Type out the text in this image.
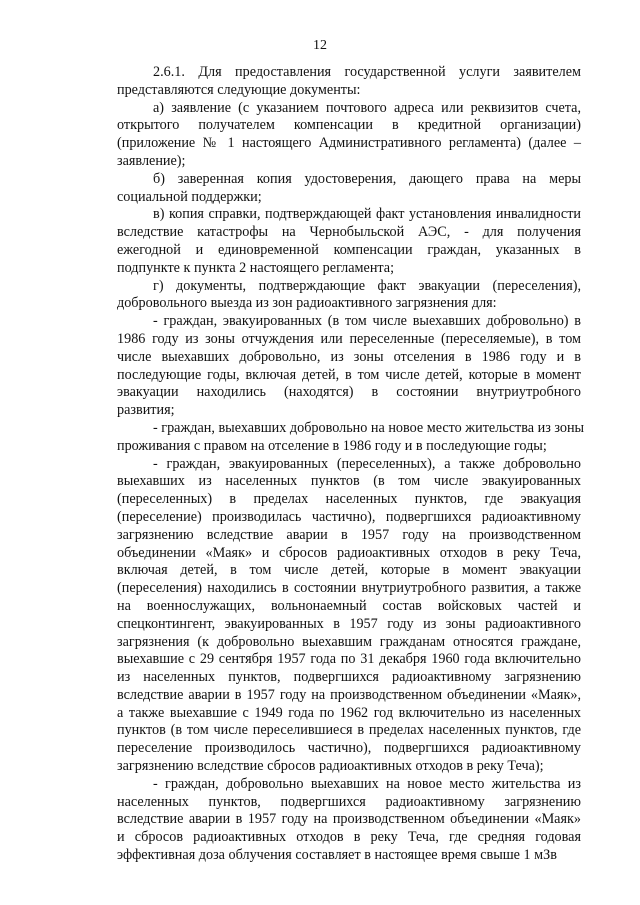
12
2.6.1. Для предоставления государственной услуги заявителем
представляются следующие документы:
а) заявление (с указанием почтового адреса или реквизитов счета,
открытого получателем компенсации в кредитной организации)
(приложение № 1 настоящего Административного регламента) (далее –
заявление);
б) заверенная копия удостоверения, дающего права на меры
социальной поддержки;
в) копия справки, подтверждающей факт установления инвалидности
вследствие катастрофы на Чернобыльской АЭС, - для получения
ежегодной и единовременной компенсации граждан, указанных в
подпункте к пункта 2 настоящего регламента;
г) документы, подтверждающие факт эвакуации (переселения),
добровольного выезда из зон радиоактивного загрязнения для:
- граждан, эвакуированных (в том числе выехавших добровольно) в
1986 году из зоны отчуждения или переселенные (переселяемые), в том
числе выехавших добровольно, из зоны отселения в 1986 году и в
последующие годы, включая детей, в том числе детей, которые в момент
эвакуации находились (находятся) в состоянии внутриутробного
развития;
- граждан, выехавших добровольно на новое место жительства из зоны
проживания с правом на отселение в 1986 году и в последующие годы;
- граждан, эвакуированных (переселенных), а также добровольно
выехавших из населенных пунктов (в том числе эвакуированных
(переселенных) в пределах населенных пунктов, где эвакуация
(переселение) производилась частично), подвергшихся радиоактивному
загрязнению вследствие аварии в 1957 году на производственном
объединении «Маяк» и сбросов радиоактивных отходов в реку Теча,
включая детей, в том числе детей, которые в момент эвакуации
(переселения) находились в состоянии внутриутробного развития, а также
на военнослужащих, вольнонаемный состав войсковых частей и
спецконтингент, эвакуированных в 1957 году из зоны радиоактивного
загрязнения (к добровольно выехавшим гражданам относятся граждане,
выехавшие с 29 сентября 1957 года по 31 декабря 1960 года включительно
из населенных пунктов, подвергшихся радиоактивному загрязнению
вследствие аварии в 1957 году на производственном объединении «Маяк»,
а также выехавшие с 1949 года по 1962 год включительно из населенных
пунктов (в том числе переселившиеся в пределах населенных пунктов, где
переселение производилось частично), подвергшихся радиоактивному
загрязнению вследствие сбросов радиоактивных отходов в реку Теча);
- граждан, добровольно выехавших на новое место жительства из
населенных пунктов, подвергшихся радиоактивному загрязнению
вследствие аварии в 1957 году на производственном объединении «Маяк»
и сбросов радиоактивных отходов в реку Теча, где средняя годовая
эффективная доза облучения составляет в настоящее время свыше 1 мЗв
